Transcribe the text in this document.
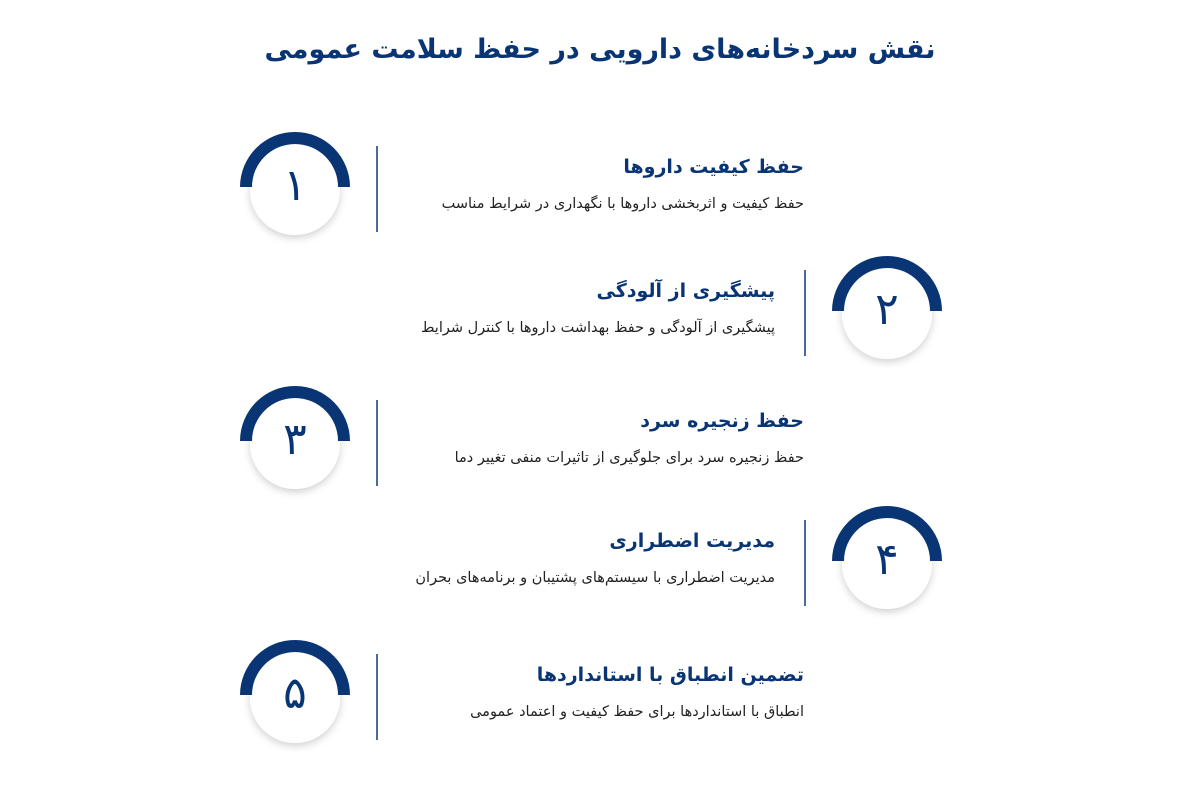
نقش سردخانه‌های دارویی در حفظ سلامت عمومی
۱	حفظ کیفیت داروها
حفظ کیفیت و اثربخشی داروها با نگهداری در شرایط مناسب
۲
پیشگیری از آلودگی
پیشگیری از آلودگی و حفظ بهداشت داروها با کنترل شرایط
۳	حفظ زنجیره سرد
حفظ زنجیره سرد برای جلوگیری از تاثیرات منفی تغییر دما
۴
مدیریت اضطراری
مدیریت اضطراری با سیستم‌های پشتیبان و برنامه‌های بحران
۵	تضمین انطباق با استانداردها
انطباق با استانداردها برای حفظ کیفیت و اعتماد عمومی
